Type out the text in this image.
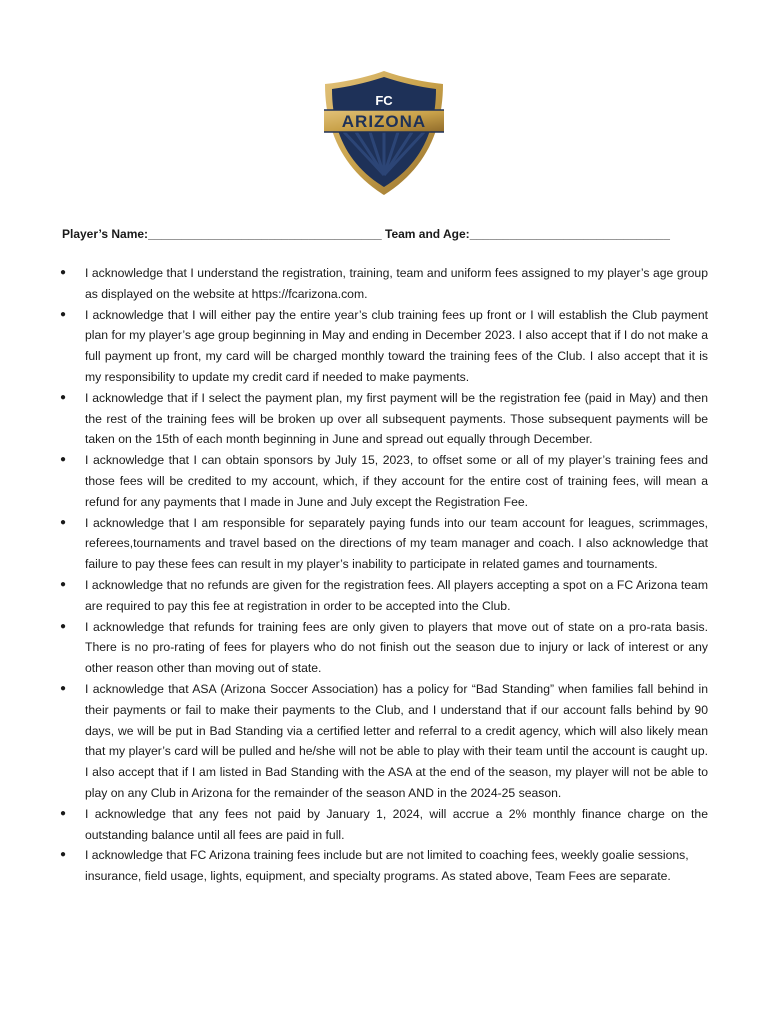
FC
ARIZONA
Player’s Name:___________________________________ Team and Age:______________________________
● I acknowledge that I understand the registration, training, team and uniform fees assigned to my player’s age group as displayed on the website at https://fcarizona.com.
● I acknowledge that I will either pay the entire year’s club training fees up front or I will establish the Club payment plan for my player’s age group beginning in May and ending in December 2023. I also accept that if I do not make a full payment up front, my card will be charged monthly toward the training fees of the Club. I also accept that it is my responsibility to update my credit card if needed to make payments.
● I acknowledge that if I select the payment plan, my first payment will be the registration fee (paid in May) and then the rest of the training fees will be broken up over all subsequent payments. Those subsequent payments will be taken on the 15th of each month beginning in June and spread out equally through December.
● I acknowledge that I can obtain sponsors by July 15, 2023, to offset some or all of my player’s training fees and those fees will be credited to my account, which, if they account for the entire cost of training fees, will mean a refund for any payments that I made in June and July except the Registration Fee.
● I acknowledge that I am responsible for separately paying funds into our team account for leagues, scrimmages, referees,tournaments and travel based on the directions of my team manager and coach. I also acknowledge that failure to pay these fees can result in my player’s inability to participate in related games and tournaments.
● I acknowledge that no refunds are given for the registration fees. All players accepting a spot on a FC Arizona team are required to pay this fee at registration in order to be accepted into the Club.
● I acknowledge that refunds for training fees are only given to players that move out of state on a pro-rata basis. There is no pro-rating of fees for players who do not finish out the season due to injury or lack of interest or any other reason other than moving out of state.
● I acknowledge that ASA (Arizona Soccer Association) has a policy for “Bad Standing” when families fall behind in their payments or fail to make their payments to the Club, and I understand that if our account falls behind by 90 days, we will be put in Bad Standing via a certified letter and referral to a credit agency, which will also likely mean that my player’s card will be pulled and he/she will not be able to play with their team until the account is caught up. I also accept that if I am listed in Bad Standing with the ASA at the end of the season, my player will not be able to play on any Club in Arizona for the remainder of the season AND in the 2024-25 season.
● I acknowledge that any fees not paid by January 1, 2024, will accrue a 2% monthly finance charge on the outstanding balance until all fees are paid in full.
● I acknowledge that FC Arizona training fees include but are not limited to coaching fees, weekly goalie sessions, insurance, field usage, lights, equipment, and specialty programs. As stated above, Team Fees are separate.
